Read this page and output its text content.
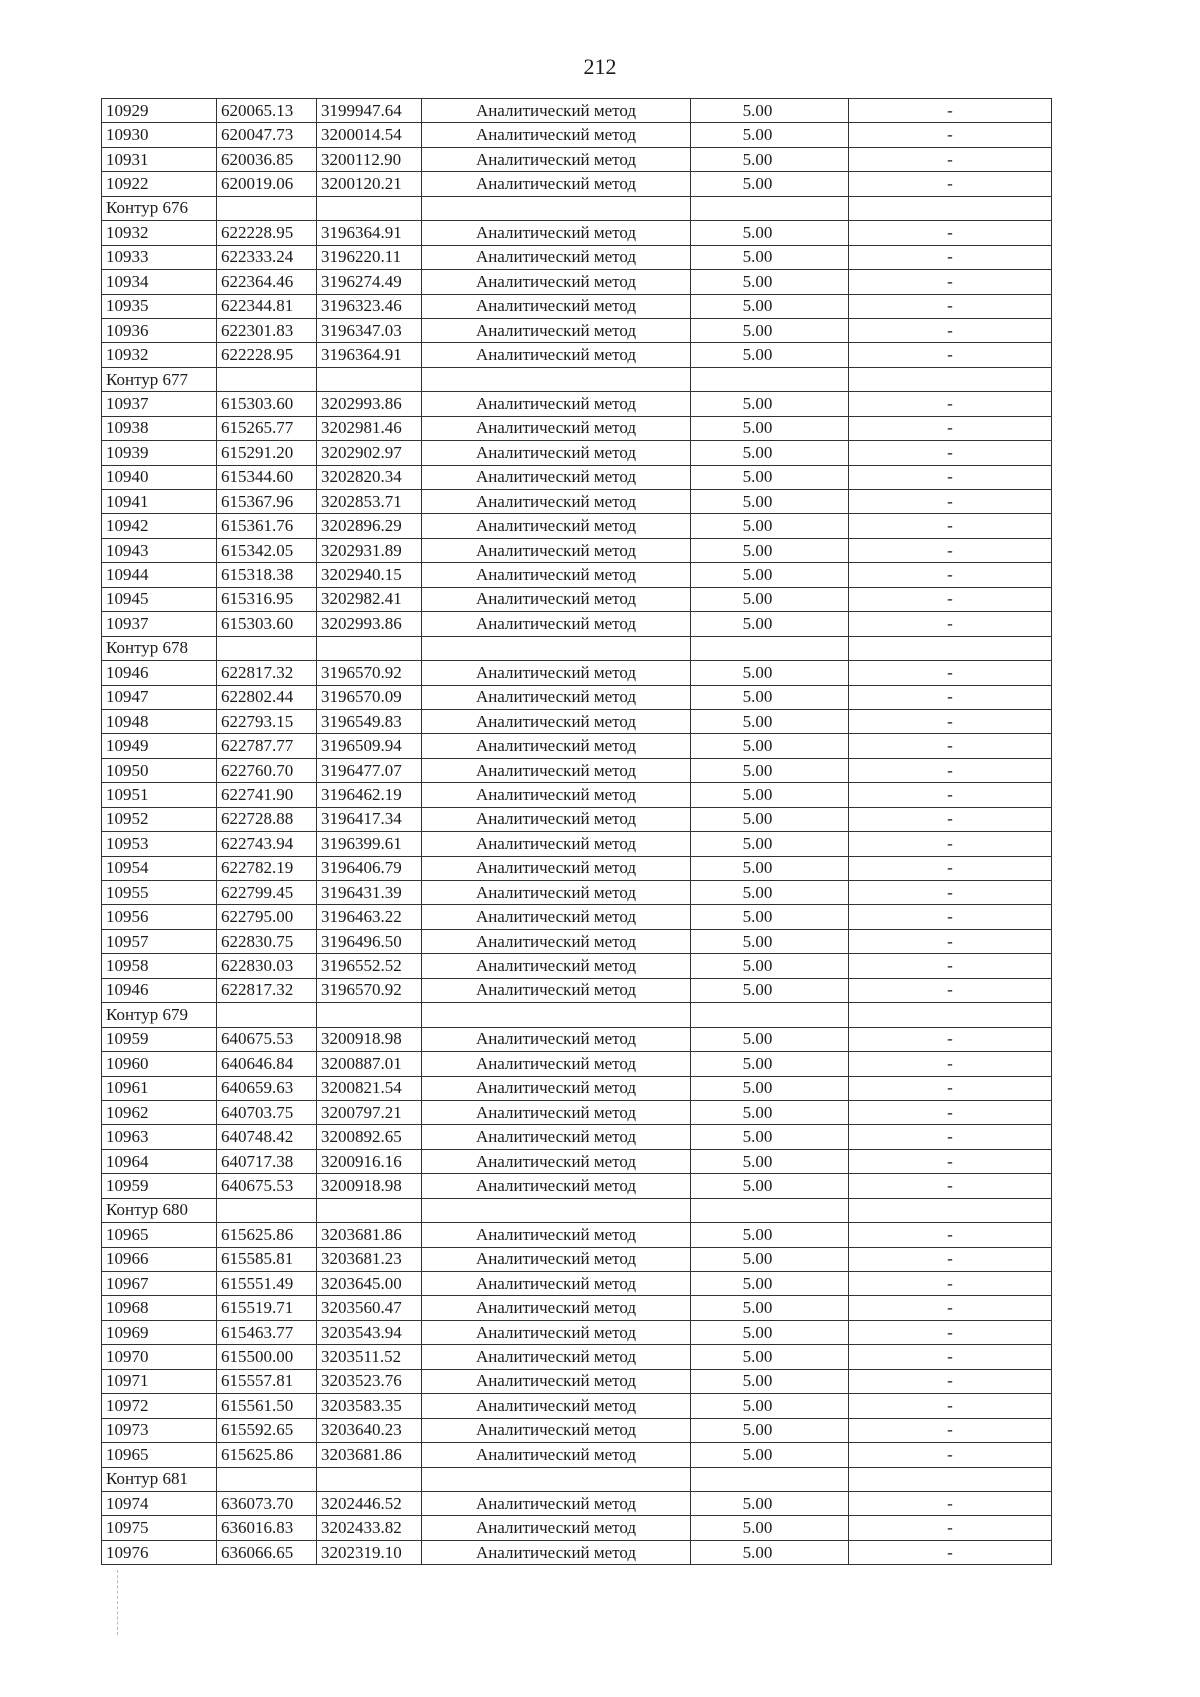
212
10929	620065.13	3199947.64	Аналитический метод	5.00	-
10930	620047.73	3200014.54	Аналитический метод	5.00	-
10931	620036.85	3200112.90	Аналитический метод	5.00	-
10922	620019.06	3200120.21	Аналитический метод	5.00	-
Контур 676					
10932	622228.95	3196364.91	Аналитический метод	5.00	-
10933	622333.24	3196220.11	Аналитический метод	5.00	-
10934	622364.46	3196274.49	Аналитический метод	5.00	-
10935	622344.81	3196323.46	Аналитический метод	5.00	-
10936	622301.83	3196347.03	Аналитический метод	5.00	-
10932	622228.95	3196364.91	Аналитический метод	5.00	-
Контур 677					
10937	615303.60	3202993.86	Аналитический метод	5.00	-
10938	615265.77	3202981.46	Аналитический метод	5.00	-
10939	615291.20	3202902.97	Аналитический метод	5.00	-
10940	615344.60	3202820.34	Аналитический метод	5.00	-
10941	615367.96	3202853.71	Аналитический метод	5.00	-
10942	615361.76	3202896.29	Аналитический метод	5.00	-
10943	615342.05	3202931.89	Аналитический метод	5.00	-
10944	615318.38	3202940.15	Аналитический метод	5.00	-
10945	615316.95	3202982.41	Аналитический метод	5.00	-
10937	615303.60	3202993.86	Аналитический метод	5.00	-
Контур 678					
10946	622817.32	3196570.92	Аналитический метод	5.00	-
10947	622802.44	3196570.09	Аналитический метод	5.00	-
10948	622793.15	3196549.83	Аналитический метод	5.00	-
10949	622787.77	3196509.94	Аналитический метод	5.00	-
10950	622760.70	3196477.07	Аналитический метод	5.00	-
10951	622741.90	3196462.19	Аналитический метод	5.00	-
10952	622728.88	3196417.34	Аналитический метод	5.00	-
10953	622743.94	3196399.61	Аналитический метод	5.00	-
10954	622782.19	3196406.79	Аналитический метод	5.00	-
10955	622799.45	3196431.39	Аналитический метод	5.00	-
10956	622795.00	3196463.22	Аналитический метод	5.00	-
10957	622830.75	3196496.50	Аналитический метод	5.00	-
10958	622830.03	3196552.52	Аналитический метод	5.00	-
10946	622817.32	3196570.92	Аналитический метод	5.00	-
Контур 679					
10959	640675.53	3200918.98	Аналитический метод	5.00	-
10960	640646.84	3200887.01	Аналитический метод	5.00	-
10961	640659.63	3200821.54	Аналитический метод	5.00	-
10962	640703.75	3200797.21	Аналитический метод	5.00	-
10963	640748.42	3200892.65	Аналитический метод	5.00	-
10964	640717.38	3200916.16	Аналитический метод	5.00	-
10959	640675.53	3200918.98	Аналитический метод	5.00	-
Контур 680					
10965	615625.86	3203681.86	Аналитический метод	5.00	-
10966	615585.81	3203681.23	Аналитический метод	5.00	-
10967	615551.49	3203645.00	Аналитический метод	5.00	-
10968	615519.71	3203560.47	Аналитический метод	5.00	-
10969	615463.77	3203543.94	Аналитический метод	5.00	-
10970	615500.00	3203511.52	Аналитический метод	5.00	-
10971	615557.81	3203523.76	Аналитический метод	5.00	-
10972	615561.50	3203583.35	Аналитический метод	5.00	-
10973	615592.65	3203640.23	Аналитический метод	5.00	-
10965	615625.86	3203681.86	Аналитический метод	5.00	-
Контур 681					
10974	636073.70	3202446.52	Аналитический метод	5.00	-
10975	636016.83	3202433.82	Аналитический метод	5.00	-
10976	636066.65	3202319.10	Аналитический метод	5.00	-
